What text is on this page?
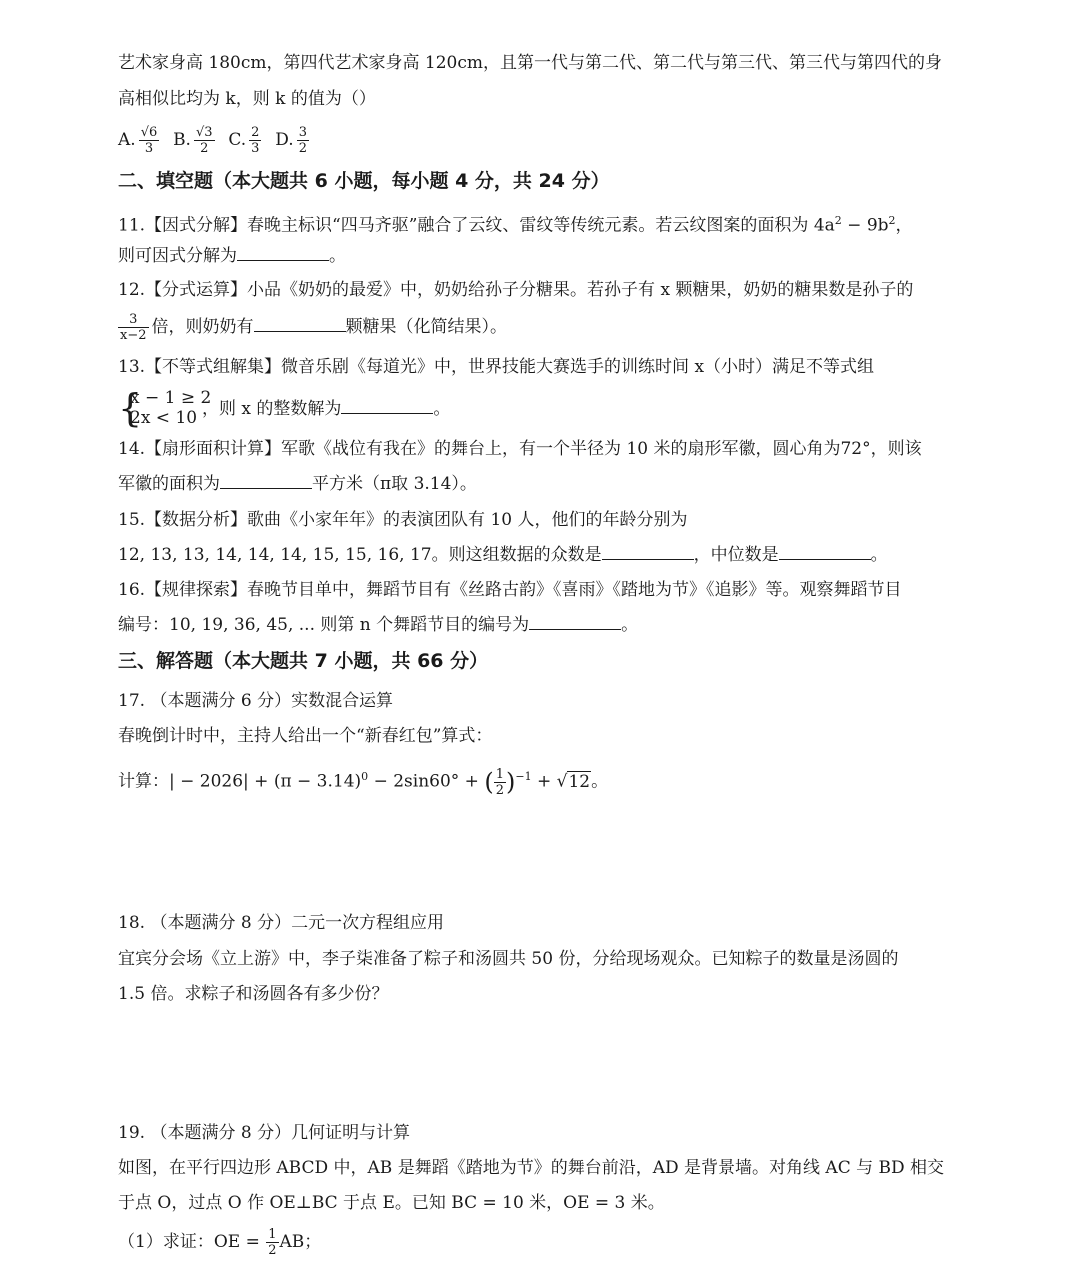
艺术家身高 180cm，第四代艺术家身高 120cm，且第一代与第二代、第二代与第三代、第三代与第四代的身
高相似比均为 k，则 k 的值为（）
A. $\frac{√6}{3} B$. $\frac{√3}{2} C$. $\frac{2}{3} D$. $\frac{3}{2}$
二、填空题（本大题共 6 小题，每小题 4 分，共 24 分）
11.【因式分解】春晚主标识“四马齐驱”融合了云纹、雷纹等传统元素。若云纹图案的面积为 $4a^2 - 9b^2$，
则可因式分解为	。
12.【分式运算】小品《奶奶的最爱》中，奶奶给孙子分糖果。若孙子有 x 颗糖果，奶奶的糖果数是孙子的
$\frac{3}{x-2}$ 倍，则奶奶有	颗糖果（化简结果）。
13.【不等式组解集】微音乐剧《每道光》中，世界技能大赛选手的训练时间 x（小时）满足不等式组
{
x − 1 ≥ 2
2x < 10 ，则 x 的整数解为	。
14.【扇形面积计算】军歌《战位有我在》的舞台上，有一个半径为 10 米的扇形军徽，圆心角为72°，则该
军徽的面积为	平方米（π取 3.14）。
15.【数据分析】歌曲《小家年年》的表演团队有 10 人，他们的年龄分别为
12, 13, 13, 14, 14, 14, 15, 15, 16, 17。则这组数据的众数是	，中位数是	。
16.【规律探索】春晚节目单中，舞蹈节目有《丝路古韵》《喜雨》《踏地为节》《追影》等。观察舞蹈节目
编号：10, 19, 36, 45, ... 则第 n 个舞蹈节目的编号为	。
三、解答题（本大题共 7 小题，共 66 分）
17. （本题满分 6 分）实数混合运算
春晚倒计时中，主持人给出一个“新春红包”算式：
计算：| − $2026| + (\pi - 3.14)^0 - 2\sin 60^\circ$ + ( $\frac{1}{2} )^{-1} + √12$。
18. （本题满分 8 分）二元一次方程组应用
宜宾分会场《立上游》中，李子柒准备了粽子和汤圆共 50 份，分给现场观众。已知粽子的数量是汤圆的
1.5 倍。求粽子和汤圆各有多少份？
19. （本题满分 8 分）几何证明与计算
如图，在平行四边形 ABCD 中，AB 是舞蹈《踏地为节》的舞台前沿，AD 是背景墙。对角线 AC 与 BD 相交
于点 O，过点 O 作 OE⊥BC 于点 E。已知 BC = 10 米，OE = 3 米。
（1）求证：OE = $\frac{1}{2}$ AB；
